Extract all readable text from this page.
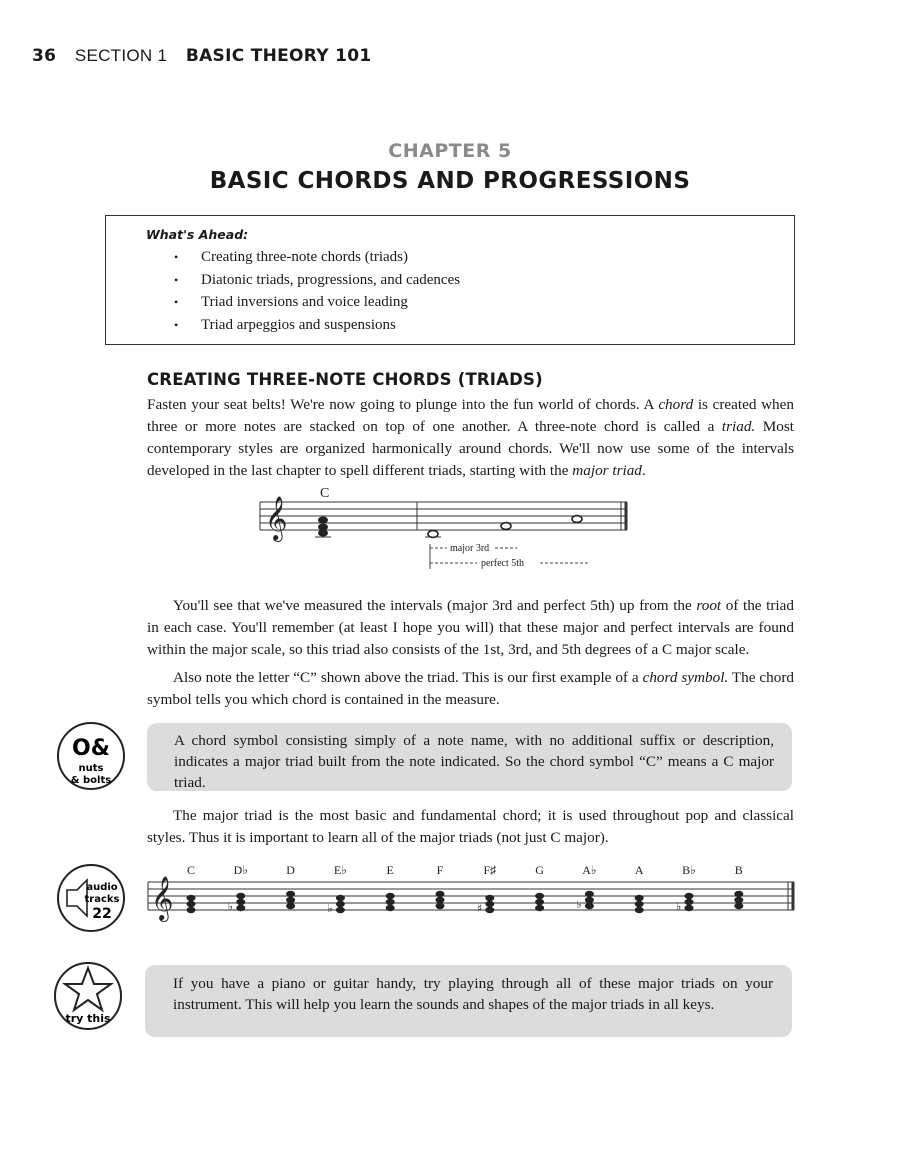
36 SECTION 1 BASIC THEORY 101
CHAPTER 5
BASIC CHORDS AND PROGRESSIONS
What's Ahead:
• Creating three-note chords (triads)
• Diatonic triads, progressions, and cadences
• Triad inversions and voice leading
• Triad arpeggios and suspensions
CREATING THREE-NOTE CHORDS (TRIADS)
Fasten your seat belts! We're now going to plunge into the fun world of chords. A chord is created when three or more notes are stacked on top of one another. A three-note chord is called a triad. Most contemporary styles are organized harmonically around chords. We'll now use some of the intervals developed in the last chapter to spell different triads, starting with the major triad.
𝄞
C
major 3rd
perfect 5th
You'll see that we've measured the intervals (major 3rd and perfect 5th) up from the root of the triad in each case. You'll remember (at least I hope you will) that these major and perfect intervals are found within the major scale, so this triad also consists of the 1st, 3rd, and 5th degrees of a C major scale.
Also note the letter “C” shown above the triad. This is our first example of a chord symbol. The chord symbol tells you which chord is contained in the measure.
O&
nuts
& bolts

A chord symbol consisting simply of a note name, with no additional suffix or description, indicates a major triad built from the note indicated. So the chord symbol “C” means a C major triad.

The major triad is the most basic and fundamental chord; it is used throughout pop and classical styles. Thus it is important to learn all of the major triads (not just C major).
audio
tracks
22 𝄞
C	D♭
♭
D	E♭
♭
E	F	F♯
♯
G	A♭
♭
A	B♭
♭
B
try this

If you have a piano or guitar handy, try playing through all of these major triads on your instrument. This will help you learn the sounds and shapes of the major triads in all keys.
